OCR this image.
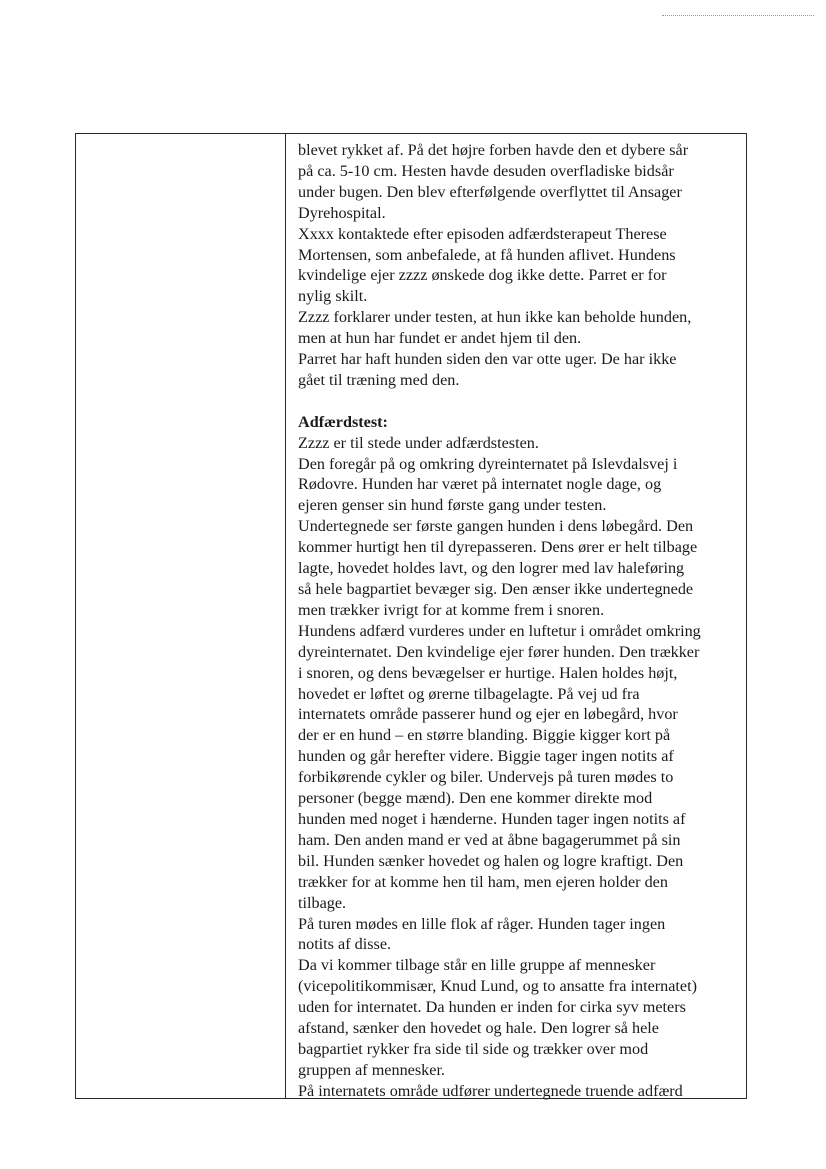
blevet rykket af. På det højre forben havde den et dybere sår

på ca. 5-10 cm. Hesten havde desuden overfladiske bidsår

under bugen. Den blev efterfølgende overflyttet til Ansager

Dyrehospital.

Xxxx kontaktede efter episoden adfærdsterapeut Therese

Mortensen, som anbefalede, at få hunden aflivet. Hundens

kvindelige ejer zzzz ønskede dog ikke dette. Parret er for

nylig skilt.

Zzzz forklarer under testen, at hun ikke kan beholde hunden,

men at hun har fundet er andet hjem til den.

Parret har haft hunden siden den var otte uger. De har ikke

gået til træning med den.

Adfærdstest:

Zzzz er til stede under adfærdstesten.

Den foregår på og omkring dyreinternatet på Islevdalsvej i

Rødovre. Hunden har været på internatet nogle dage, og

ejeren genser sin hund første gang under testen.

Undertegnede ser første gangen hunden i dens løbegård. Den

kommer hurtigt hen til dyrepasseren. Dens ører er helt tilbage

lagte, hovedet holdes lavt, og den logrer med lav haleføring

så hele bagpartiet bevæger sig. Den ænser ikke undertegnede

men trækker ivrigt for at komme frem i snoren.

Hundens adfærd vurderes under en luftetur i området omkring

dyreinternatet. Den kvindelige ejer fører hunden. Den trækker

i snoren, og dens bevægelser er hurtige. Halen holdes højt,

hovedet er løftet og ørerne tilbagelagte. På vej ud fra

internatets område passerer hund og ejer en løbegård, hvor

der er en hund – en større blanding. Biggie kigger kort på

hunden og går herefter videre. Biggie tager ingen notits af

forbikørende cykler og biler. Undervejs på turen mødes to

personer (begge mænd). Den ene kommer direkte mod

hunden med noget i hænderne. Hunden tager ingen notits af

ham. Den anden mand er ved at åbne bagagerummet på sin

bil. Hunden sænker hovedet og halen og logre kraftigt. Den

trækker for at komme hen til ham, men ejeren holder den

tilbage.

På turen mødes en lille flok af råger. Hunden tager ingen

notits af disse.

Da vi kommer tilbage står en lille gruppe af mennesker

(vicepolitikommisær, Knud Lund, og to ansatte fra internatet)

uden for internatet. Da hunden er inden for cirka syv meters

afstand, sænker den hovedet og hale. Den logrer så hele

bagpartiet rykker fra side til side og trækker over mod

gruppen af mennesker.

På internatets område udfører undertegnede truende adfærd
